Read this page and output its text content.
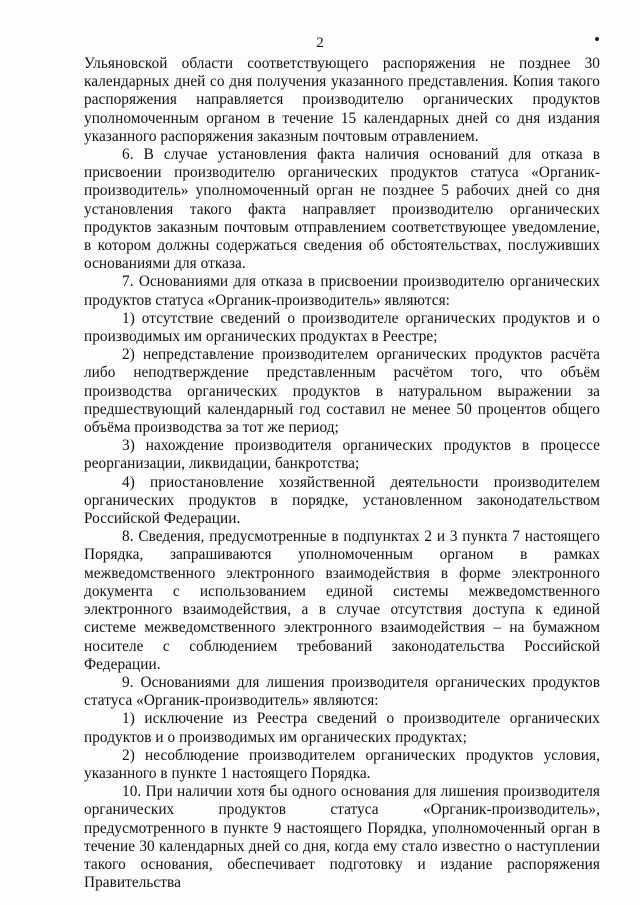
2

Ульяновской области соответствующего распоряжения не позднее 30 календарных дней со дня получения указанного представления. Копия такого распоряжения направляется производителю органических продуктов уполномоченным органом в течение 15 календарных дней со дня издания указанного распоряжения заказным почтовым отравлением.

6. В случае установления факта наличия оснований для отказа в присвоении производителю органических продуктов статуса «Органик-производитель» уполномоченный орган не позднее 5 рабочих дней со дня установления такого факта направляет производителю органических продуктов заказным почтовым отправлением соответствующее уведомление, в котором должны содержаться сведения об обстоятельствах, послуживших основаниями для отказа.

7. Основаниями для отказа в присвоении производителю органических продуктов статуса «Органик-производитель» являются:

1) отсутствие сведений о производителе органических продуктов и о производимых им органических продуктах в Реестре;

2) непредставление производителем органических продуктов расчёта либо неподтверждение представленным расчётом того, что объём производства органических продуктов в натуральном выражении за предшествующий календарный год составил не менее 50 процентов общего объёма производства за тот же период;

3) нахождение производителя органических продуктов в процессе реорганизации, ликвидации, банкротства;

4) приостановление хозяйственной деятельности производителем органических продуктов в порядке, установленном законодательством Российской Федерации.

8. Сведения, предусмотренные в подпунктах 2 и 3 пункта 7 настоящего Порядка, запрашиваются уполномоченным органом в рамках межведомственного электронного взаимодействия в форме электронного документа с использованием единой системы межведомственного электронного взаимодействия, а в случае отсутствия доступа к единой системе межведомственного электронного взаимодействия – на бумажном носителе с соблюдением требований законодательства Российской Федерации.

9. Основаниями для лишения производителя органических продуктов статуса «Органик-производитель» являются:

1) исключение из Реестра сведений о производителе органических продуктов и о производимых им органических продуктах;

2) несоблюдение производителем органических продуктов условия, указанного в пункте 1 настоящего Порядка.

10. При наличии хотя бы одного основания для лишения производителя органических продуктов статуса «Органик-производитель», предусмотренного в пункте 9 настоящего Порядка, уполномоченный орган в течение 30 календарных дней со дня, когда ему стало известно о наступлении такого основания, обеспечивает подготовку и издание распоряжения Правительства
